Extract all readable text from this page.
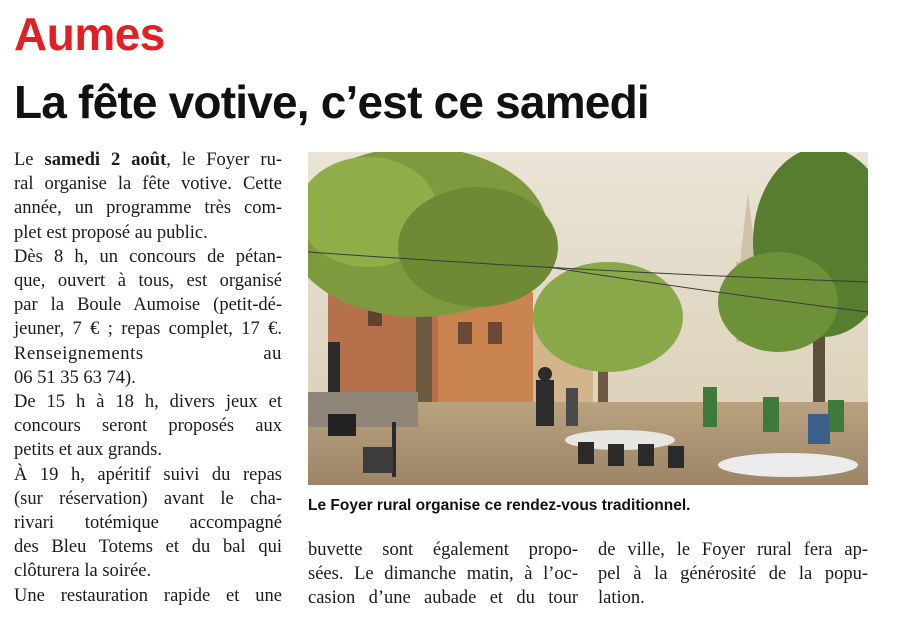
Aumes
La fête votive, c’est ce samedi
Le samedi 2 août, le Foyer ru-
ral organise la fête votive. Cette
année, un programme très com-
plet est proposé au public.
Dès 8 h, un concours de pétan-
que, ouvert à tous, est organisé
par la Boule Aumoise (petit-dé-
jeuner, 7 € ; repas complet, 17 €.
Renseignements au
06 51 35 63 74).
De 15 h à 18 h, divers jeux et
concours seront proposés aux
petits et aux grands.
À 19 h, apéritif suivi du repas
(sur réservation) avant le cha-
rivari totémique accompagné
des Bleu Totems et du bal qui
clôturera la soirée.
Une restauration rapide et une
Le Foyer rural organise ce rendez-vous traditionnel.
buvette sont également propo-
sées. Le dimanche matin, à l’oc-
casion d’une aubade et du tour
de ville, le Foyer rural fera ap-
pel à la générosité de la popu-
lation.
